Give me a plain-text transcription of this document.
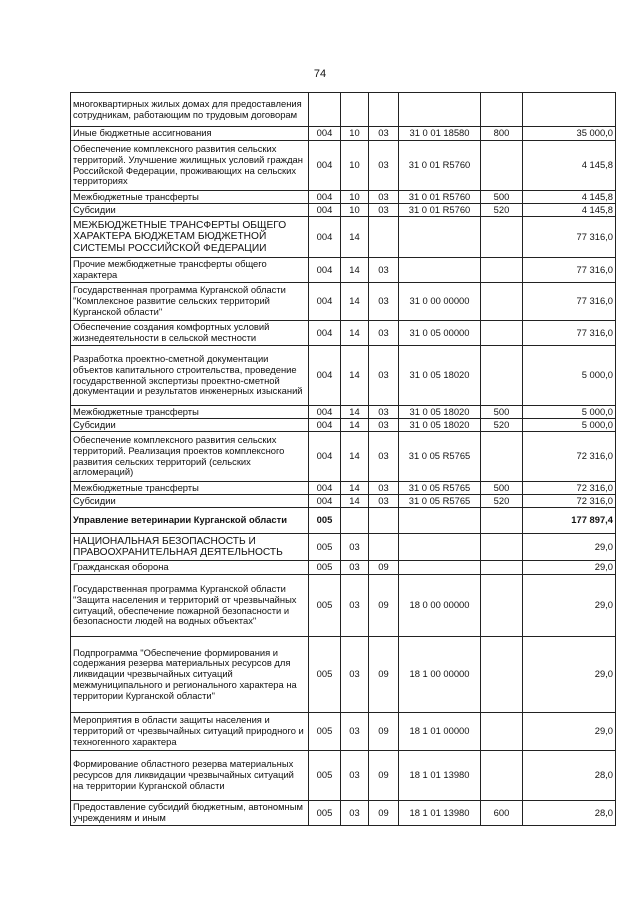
74
многоквартирных жилых домах для предоставления сотрудникам, работающим по трудовым договорам						
Иные бюджетные ассигнования	004	10	03	31 0 01 18580	800	35 000,0
Обеспечение комплексного развития сельских территорий. Улучшение жилищных условий граждан Российской Федерации, проживающих на сельских территориях	004	10	03	31 0 01 R5760		4 145,8
Межбюджетные трансферты	004	10	03	31 0 01 R5760	500	4 145,8
Субсидии	004	10	03	31 0 01 R5760	520	4 145,8
МЕЖБЮДЖЕТНЫЕ ТРАНСФЕРТЫ ОБЩЕГО ХАРАКТЕРА БЮДЖЕТАМ БЮДЖЕТНОЙ СИСТЕМЫ РОССИЙСКОЙ ФЕДЕРАЦИИ	004	14				77 316,0
Прочие межбюджетные трансферты общего характера	004	14	03			77 316,0
Государственная программа Курганской области "Комплексное развитие сельских территорий Курганской области"	004	14	03	31 0 00 00000		77 316,0
Обеспечение создания комфортных условий жизнедеятельности в сельской местности	004	14	03	31 0 05 00000		77 316,0
Разработка проектно-сметной документации объектов капитального строительства, проведение государственной экспертизы проектно-сметной документации и результатов инженерных изысканий	004	14	03	31 0 05 18020		5 000,0
Межбюджетные трансферты	004	14	03	31 0 05 18020	500	5 000,0
Субсидии	004	14	03	31 0 05 18020	520	5 000,0
Обеспечение комплексного развития сельских территорий. Реализация проектов комплексного развития сельских территорий (сельских агломераций)	004	14	03	31 0 05 R5765		72 316,0
Межбюджетные трансферты	004	14	03	31 0 05 R5765	500	72 316,0
Субсидии	004	14	03	31 0 05 R5765	520	72 316,0
Управление ветеринарии Курганской области	005					177 897,4
НАЦИОНАЛЬНАЯ БЕЗОПАСНОСТЬ И ПРАВООХРАНИТЕЛЬНАЯ ДЕЯТЕЛЬНОСТЬ	005	03				29,0
Гражданская оборона	005	03	09			29,0
Государственная программа Курганской области "Защита населения и территорий от чрезвычайных ситуаций, обеспечение пожарной безопасности и безопасности людей на водных объектах"	005	03	09	18 0 00 00000		29,0
Подпрограмма "Обеспечение формирования и содержания резерва материальных ресурсов для ликвидации чрезвычайных ситуаций межмуниципального и регионального характера на территории Курганской области"	005	03	09	18 1 00 00000		29,0
Мероприятия в области защиты населения и территорий от чрезвычайных ситуаций природного и техногенного характера	005	03	09	18 1 01 00000		29,0
Формирование областного резерва материальных ресурсов для ликвидации чрезвычайных ситуаций на территории Курганской области	005	03	09	18 1 01 13980		28,0
Предоставление субсидий бюджетным, автономным учреждениям и иным	005	03	09	18 1 01 13980	600	28,0
